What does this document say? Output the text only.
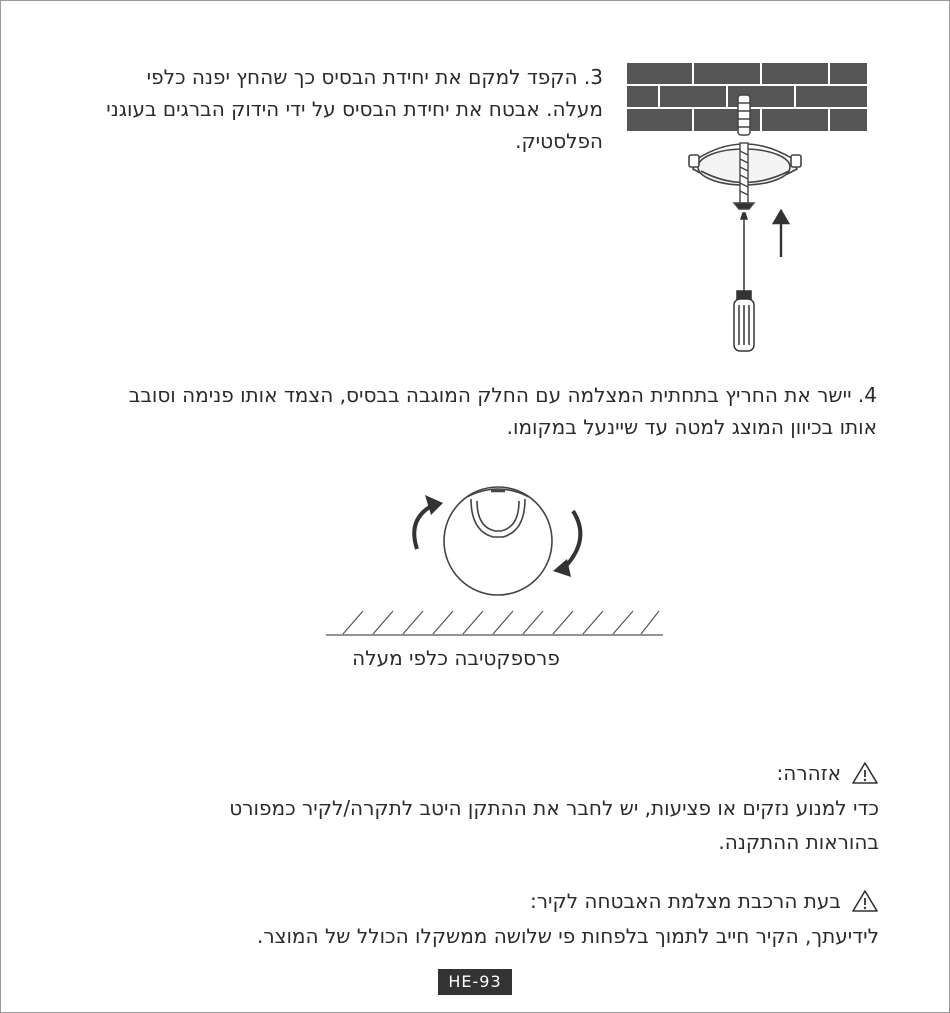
3. הקפד למקם את יחידת הבסיס כך שהחץ יפנה כלפי מעלה. אבטח את יחידת הבסיס על ידי הידוק הברגים בעוגני הפלסטיק.
4. יישר את החריץ בתחתית המצלמה עם החלק המוגבה בבסיס, הצמד אותו פנימה וסובב אותו בכיוון המוצג למטה עד שיינעל במקומו.
פרספקטיבה כלפי מעלה
אזהרה:
כדי למנוע נזקים או פציעות, יש לחבר את ההתקן היטב לתקרה/לקיר כמפורט בהוראות ההתקנה.
בעת הרכבת מצלמת האבטחה לקיר:
לידיעתך, הקיר חייב לתמוך בלפחות פי שלושה ממשקלו הכולל של המוצר.
HE-93
